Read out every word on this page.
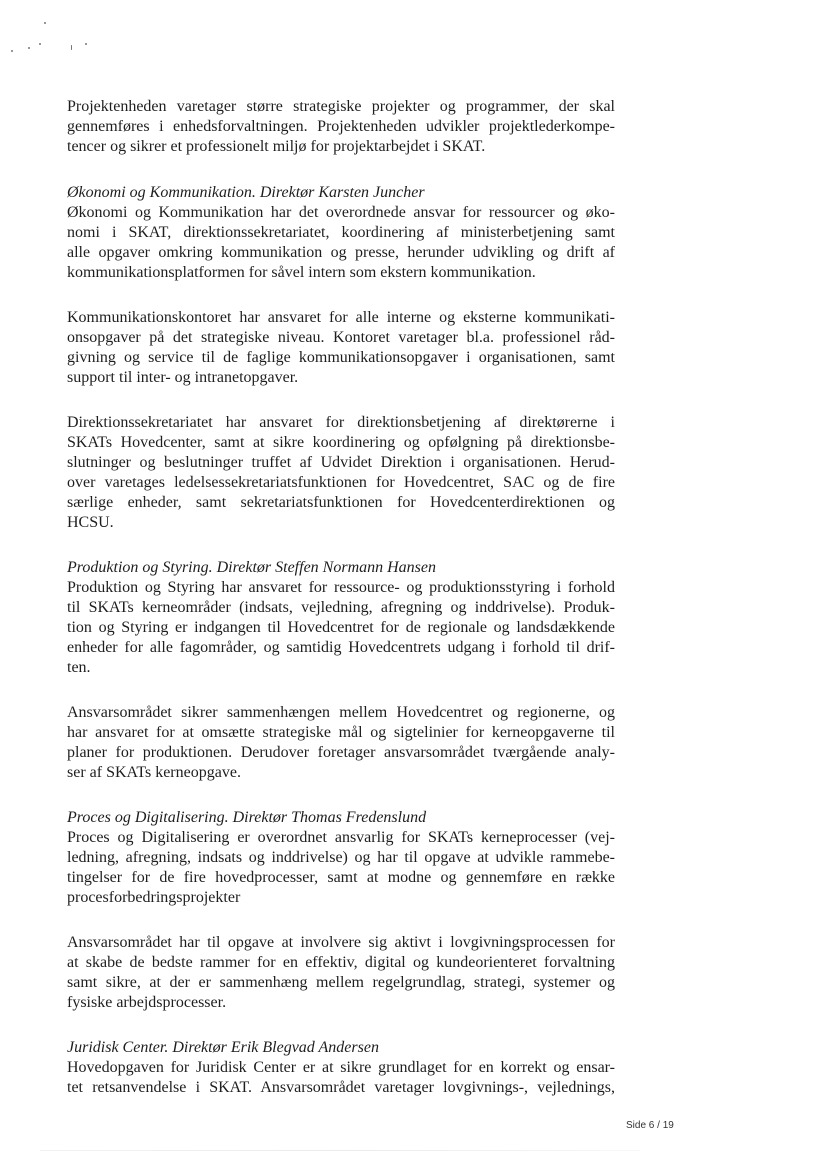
Projektenheden varetager større strategiske projekter og programmer, der skal
gennemføres i enhedsforvaltningen. Projektenheden udvikler projektlederkompe-
tencer og sikrer et professionelt miljø for projektarbejdet i SKAT.
Økonomi og Kommunikation. Direktør Karsten Juncher
Økonomi og Kommunikation har det overordnede ansvar for ressourcer og øko-
nomi i SKAT, direktionssekretariatet, koordinering af ministerbetjening samt
alle opgaver omkring kommunikation og presse, herunder udvikling og drift af
kommunikationsplatformen for såvel intern som ekstern kommunikation.
Kommunikationskontoret har ansvaret for alle interne og eksterne kommunikati-
onsopgaver på det strategiske niveau. Kontoret varetager bl.a. professionel råd-
givning og service til de faglige kommunikationsopgaver i organisationen, samt
support til inter- og intranetopgaver.
Direktionssekretariatet har ansvaret for direktionsbetjening af direktørerne i
SKATs Hovedcenter, samt at sikre koordinering og opfølgning på direktionsbe-
slutninger og beslutninger truffet af Udvidet Direktion i organisationen. Herud-
over varetages ledelsessekretariatsfunktionen for Hovedcentret, SAC og de fire
særlige enheder, samt sekretariatsfunktionen for Hovedcenterdirektionen og
HCSU.
Produktion og Styring. Direktør Steffen Normann Hansen
Produktion og Styring har ansvaret for ressource- og produktionsstyring i forhold
til SKATs kerneområder (indsats, vejledning, afregning og inddrivelse). Produk-
tion og Styring er indgangen til Hovedcentret for de regionale og landsdækkende
enheder for alle fagområder, og samtidig Hovedcentrets udgang i forhold til drif-
ten.
Ansvarsområdet sikrer sammenhængen mellem Hovedcentret og regionerne, og
har ansvaret for at omsætte strategiske mål og sigtelinier for kerneopgaverne til
planer for produktionen. Derudover foretager ansvarsområdet tværgående analy-
ser af SKATs kerneopgave.
Proces og Digitalisering. Direktør Thomas Fredenslund
Proces og Digitalisering er overordnet ansvarlig for SKATs kerneprocesser (vej-
ledning, afregning, indsats og inddrivelse) og har til opgave at udvikle rammebe-
tingelser for de fire hovedprocesser, samt at modne og gennemføre en række
procesforbedringsprojekter
Ansvarsområdet har til opgave at involvere sig aktivt i lovgivningsprocessen for
at skabe de bedste rammer for en effektiv, digital og kundeorienteret forvaltning
samt sikre, at der er sammenhæng mellem regelgrundlag, strategi, systemer og
fysiske arbejdsprocesser.
Juridisk Center. Direktør Erik Blegvad Andersen
Hovedopgaven for Juridisk Center er at sikre grundlaget for en korrekt og ensar-
tet retsanvendelse i SKAT. Ansvarsområdet varetager lovgivnings-, vejlednings,
Side 6 / 19
